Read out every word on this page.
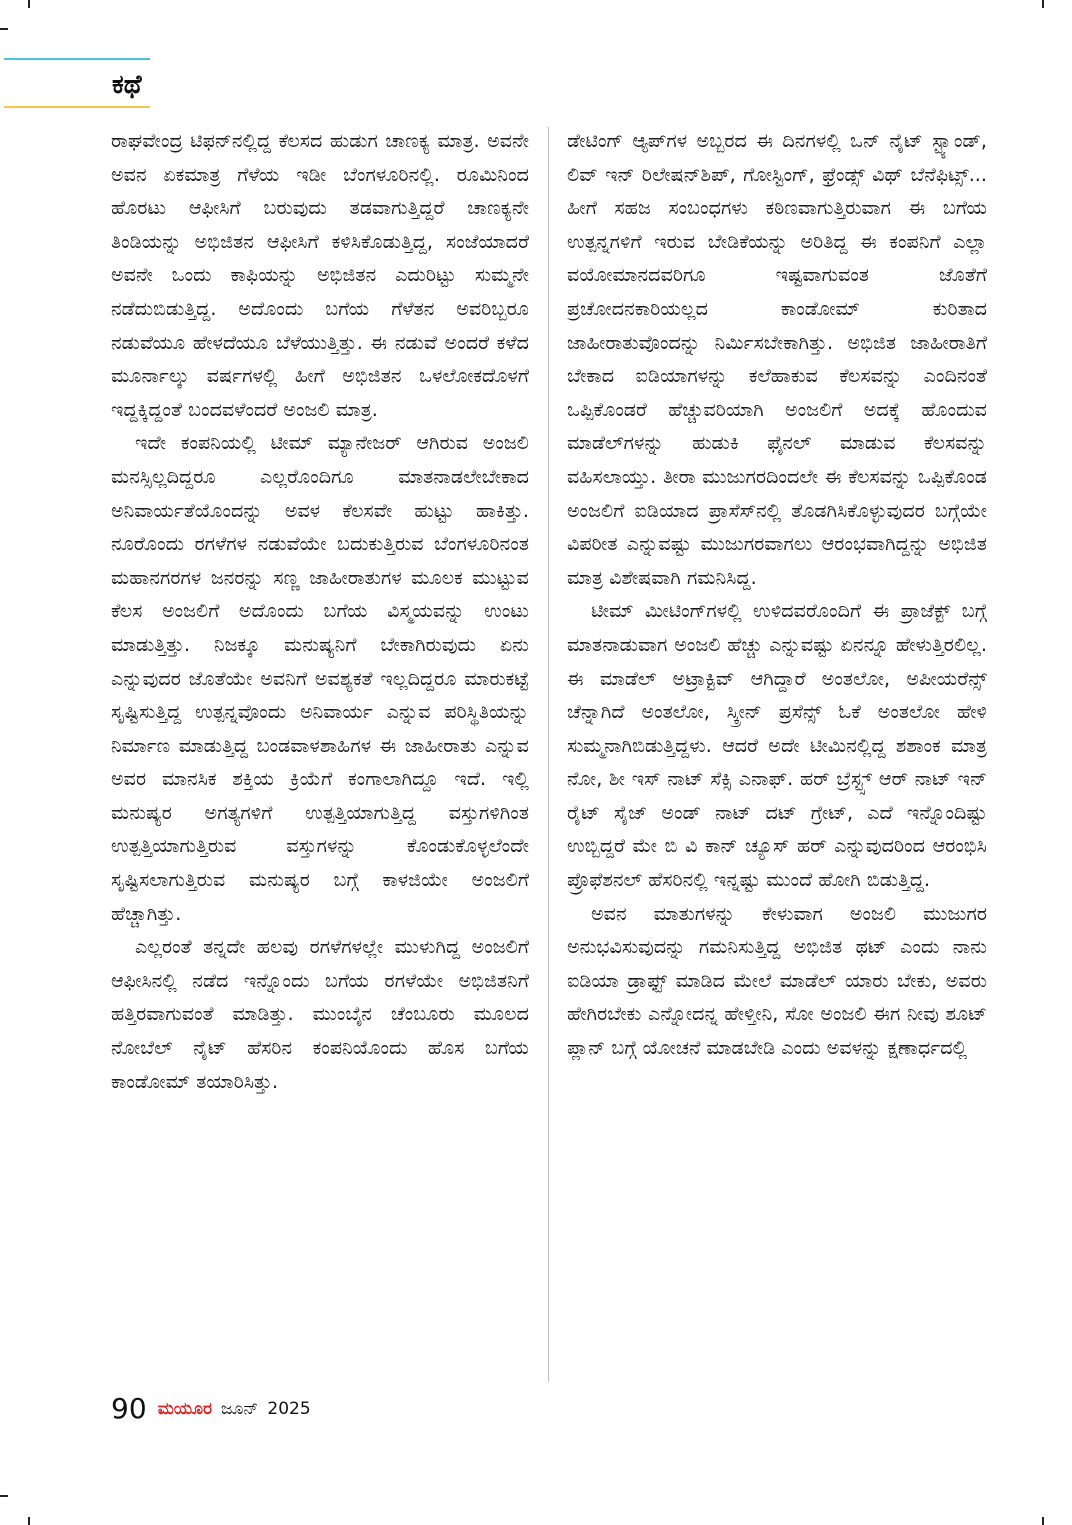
ಕಥೆ

ರಾಘವೇಂದ್ರ ಟಿಫನ್‌ನಲ್ಲಿದ್ದ ಕೆಲಸದ ಹುಡುಗ ಚಾಣಕ್ಯ ಮಾತ್ರ. ಅವನೇ ಅವನ ಏಕಮಾತ್ರ ಗೆಳೆಯ ಇಡೀ ಬೆಂಗಳೂರಿನಲ್ಲಿ. ರೂಮಿನಿಂದ ಹೊರಟು ಆಫೀಸಿಗೆ ಬರುವುದು ತಡವಾಗುತ್ತಿದ್ದರೆ ಚಾಣಕ್ಯನೇ ತಿಂಡಿಯನ್ನು ಅಭಿಜಿತನ ಆಫೀಸಿಗೆ ಕಳಿಸಿಕೊಡುತ್ತಿದ್ದ, ಸಂಜೆಯಾದರೆ ಅವನೇ ಒಂದು ಕಾಫಿಯನ್ನು ಅಭಿಜಿತನ ಎದುರಿಟ್ಟು ಸುಮ್ಮನೇ ನಡೆದುಬಿಡುತ್ತಿದ್ದ. ಅದೊಂದು ಬಗೆಯ ಗೆಳೆತನ ಅವರಿಬ್ಬರೂ ನಡುವೆಯೂ ಹೇಳದೆಯೂ ಬೆಳೆಯುತ್ತಿತ್ತು. ಈ ನಡುವೆ ಅಂದರೆ ಕಳೆದ ಮೂರ್ನಾಲ್ಕು ವರ್ಷಗಳಲ್ಲಿ ಹೀಗೆ ಅಭಿಜಿತನ ಒಳಲೋಕದೊಳಗೆ ಇದ್ದಕ್ಕಿದ್ದಂತೆ ಬಂದವಳೆಂದರೆ ಅಂಜಲಿ ಮಾತ್ರ.

ಇದೇ ಕಂಪನಿಯಲ್ಲಿ ಟೀಮ್ ಮ್ಯಾನೇಜರ್ ಆಗಿರುವ ಅಂಜಲಿ ಮನಸ್ಸಿಲ್ಲದಿದ್ದರೂ ಎಲ್ಲರೊಂದಿಗೂ ಮಾತನಾಡಲೇಬೇಕಾದ ಅನಿವಾರ್ಯತೆಯೊಂದನ್ನು ಅವಳ ಕೆಲಸವೇ ಹುಟ್ಟು ಹಾಕಿತ್ತು. ನೂರೊಂದು ರಗಳೆಗಳ ನಡುವೆಯೇ ಬದುಕುತ್ತಿರುವ ಬೆಂಗಳೂರಿನಂತ ಮಹಾನಗರಗಳ ಜನರನ್ನು ಸಣ್ಣ ಜಾಹೀರಾತುಗಳ ಮೂಲಕ ಮುಟ್ಟುವ ಕೆಲಸ ಅಂಜಲಿಗೆ ಅದೊಂದು ಬಗೆಯ ವಿಸ್ಮಯವನ್ನು ಉಂಟು ಮಾಡುತ್ತಿತ್ತು. ನಿಜಕ್ಕೂ ಮನುಷ್ಯನಿಗೆ ಬೇಕಾಗಿರುವುದು ಏನು ಎನ್ನುವುದರ ಜೊತೆಯೇ ಅವನಿಗೆ ಅವಶ್ಯಕತೆ ಇಲ್ಲದಿದ್ದರೂ ಮಾರುಕಟ್ಟೆ ಸೃಷ್ಟಿಸುತ್ತಿದ್ದ ಉತ್ಪನ್ನವೊಂದು ಅನಿವಾರ್ಯ ಎನ್ನುವ ಪರಿಸ್ಥಿತಿಯನ್ನು ನಿರ್ಮಾಣ ಮಾಡುತ್ತಿದ್ದ ಬಂಡವಾಳಶಾಹಿಗಳ ಈ ಜಾಹೀರಾತು ಎನ್ನುವ ಅವರ ಮಾನಸಿಕ ಶಕ್ತಿಯ ಕ್ರಿಯೆಗೆ ಕಂಗಾಲಾಗಿದ್ದೂ ಇದೆ. ಇಲ್ಲಿ ಮನುಷ್ಯರ ಅಗತ್ಯಗಳಿಗೆ ಉತ್ಪತ್ತಿಯಾಗುತ್ತಿದ್ದ ವಸ್ತುಗಳಿಗಿಂತ ಉತ್ಪತ್ತಿಯಾಗುತ್ತಿರುವ ವಸ್ತುಗಳನ್ನು ಕೊಂಡುಕೊಳ್ಳಲೆಂದೇ ಸೃಷ್ಟಿಸಲಾಗುತ್ತಿರುವ ಮನುಷ್ಯರ ಬಗ್ಗೆ ಕಾಳಜಿಯೇ ಅಂಜಲಿಗೆ ಹೆಚ್ಚಾಗಿತ್ತು.

ಎಲ್ಲರಂತೆ ತನ್ನದೇ ಹಲವು ರಗಳೆಗಳಲ್ಲೇ ಮುಳುಗಿದ್ದ ಅಂಜಲಿಗೆ ಆಫೀಸಿನಲ್ಲಿ ನಡೆದ ಇನ್ನೊಂದು ಬಗೆಯ ರಗಳೆಯೇ ಅಭಿಜಿತನಿಗೆ ಹತ್ತಿರವಾಗುವಂತೆ ಮಾಡಿತ್ತು. ಮುಂಬೈನ ಚೆಂಬೂರು ಮೂಲದ ನೋಬೆಲ್ ನೈಟ್ ಹೆಸರಿನ ಕಂಪನಿಯೊಂದು ಹೊಸ ಬಗೆಯ ಕಾಂಡೋಮ್ ತಯಾರಿಸಿತ್ತು.

ಡೇಟಿಂಗ್ ಆ್ಯಪ್‌ಗಳ ಅಬ್ಬರದ ಈ ದಿನಗಳಲ್ಲಿ ಒನ್ ನೈಟ್ ಸ್ಟ್ಯಾಂಡ್, ಲಿವ್ ಇನ್ ರಿಲೇಷನ್‌ಶಿಪ್, ಗೋಸ್ಟಿಂಗ್, ಫ್ರೆಂಡ್ಸ್ ವಿಥ್ ಬೆನೆಫಿಟ್ಸ್... ಹೀಗೆ ಸಹಜ ಸಂಬಂಧಗಳು ಕಠಿಣವಾಗುತ್ತಿರುವಾಗ ಈ ಬಗೆಯ ಉತ್ಪನ್ನಗಳಿಗೆ ಇರುವ ಬೇಡಿಕೆಯನ್ನು ಅರಿತಿದ್ದ ಈ ಕಂಪನಿಗೆ ಎಲ್ಲಾ ವಯೋಮಾನದವರಿಗೂ ಇಷ್ಟವಾಗುವಂತ ಜೊತೆಗೆ ಪ್ರಚೋದನಕಾರಿಯಲ್ಲದ ಕಾಂಡೋಮ್ ಕುರಿತಾದ ಜಾಹೀರಾತುವೊಂದನ್ನು ನಿರ್ಮಿಸಬೇಕಾಗಿತ್ತು. ಅಭಿಜಿತ ಜಾಹೀರಾತಿಗೆ ಬೇಕಾದ ಐಡಿಯಾಗಳನ್ನು ಕಲೆಹಾಕುವ ಕೆಲಸವನ್ನು ಎಂದಿನಂತೆ ಒಪ್ಪಿಕೊಂಡರೆ ಹೆಚ್ಚುವರಿಯಾಗಿ ಅಂಜಲಿಗೆ ಅದಕ್ಕೆ ಹೊಂದುವ ಮಾಡೆಲ್‌ಗಳನ್ನು ಹುಡುಕಿ ಫೈನಲ್ ಮಾಡುವ ಕೆಲಸವನ್ನು ವಹಿಸಲಾಯ್ತು. ತೀರಾ ಮುಜುಗರದಿಂದಲೇ ಈ ಕೆಲಸವನ್ನು ಒಪ್ಪಿಕೊಂಡ ಅಂಜಲಿಗೆ ಐಡಿಯಾದ ಪ್ರಾಸೆಸ್‌ನಲ್ಲಿ ತೊಡಗಿಸಿಕೊಳ್ಳುವುದರ ಬಗ್ಗೆಯೇ ವಿಪರೀತ ಎನ್ನುವಷ್ಟು ಮುಜುಗರವಾಗಲು ಆರಂಭವಾಗಿದ್ದನ್ನು ಅಭಿಜಿತ ಮಾತ್ರ ವಿಶೇಷವಾಗಿ ಗಮನಿಸಿದ್ದ.

ಟೀಮ್ ಮೀಟಿಂಗ್‌ಗಳಲ್ಲಿ ಉಳಿದವರೊಂದಿಗೆ ಈ ಪ್ರಾಜೆಕ್ಟ್ ಬಗ್ಗೆ ಮಾತನಾಡುವಾಗ ಅಂಜಲಿ ಹೆಚ್ಚು ಎನ್ನುವಷ್ಟು ಏನನ್ನೂ ಹೇಳುತ್ತಿರಲಿಲ್ಲ. ಈ ಮಾಡೆಲ್ ಅಟ್ರಾಕ್ಟಿವ್ ಆಗಿದ್ದಾರೆ ಅಂತಲೋ, ಅಪೀಯರೆನ್ಸ್ ಚೆನ್ನಾಗಿದೆ ಅಂತಲೋ, ಸ್ಕ್ರೀನ್ ಪ್ರಸೆನ್ಸ್ ಓಕೆ ಅಂತಲೋ ಹೇಳಿ ಸುಮ್ಮನಾಗಿಬಿಡುತ್ತಿದ್ದಳು. ಆದರೆ ಅದೇ ಟೀಮಿನಲ್ಲಿದ್ದ ಶಶಾಂಕ ಮಾತ್ರ ನೋ, ಶೀ ಇಸ್ ನಾಟ್ ಸೆಕ್ಸಿ ಎನಾಫ್. ಹರ್ ಬ್ರೆಸ್ಟ್ಸ್ ಆರ್ ನಾಟ್ ಇನ್ ರೈಟ್ ಸೈಜ್ ಅಂಡ್ ನಾಟ್ ದಟ್ ಗ್ರೇಟ್, ಎದೆ ಇನ್ನೊಂದಿಷ್ಟು ಉಬ್ಬಿದ್ದರೆ ಮೇ ಬಿ ವಿ ಕಾನ್ ಚ್ಯೂಸ್ ಹರ್ ಎನ್ನುವುದರಿಂದ ಆರಂಭಿಸಿ ಪ್ರೊಫೆಶನಲ್ ಹೆಸರಿನಲ್ಲಿ ಇನ್ನಷ್ಟು ಮುಂದೆ ಹೋಗಿ ಬಿಡುತ್ತಿದ್ದ.

ಅವನ ಮಾತುಗಳನ್ನು ಕೇಳುವಾಗ ಅಂಜಲಿ ಮುಜುಗರ ಅನುಭವಿಸುವುದನ್ನು ಗಮನಿಸುತ್ತಿದ್ದ ಅಭಿಜಿತ ಥಟ್ ಎಂದು ನಾನು ಐಡಿಯಾ ಡ್ರಾಫ್ಟ್ ಮಾಡಿದ ಮೇಲೆ ಮಾಡೆಲ್ ಯಾರು ಬೇಕು, ಅವರು ಹೇಗಿರಬೇಕು ಎನ್ನೋದನ್ನ ಹೇಳ್ತೀನಿ, ಸೋ ಅಂಜಲಿ ಈಗ ನೀವು ಶೂಟ್ ಪ್ಲಾನ್ ಬಗ್ಗೆ ಯೋಚನೆ ಮಾಡಬೇಡಿ ಎಂದು ಅವಳನ್ನು ಕ್ಷಣಾರ್ಧದಲ್ಲಿ

90 ಮಯೂರ ಜೂನ್ 2025
